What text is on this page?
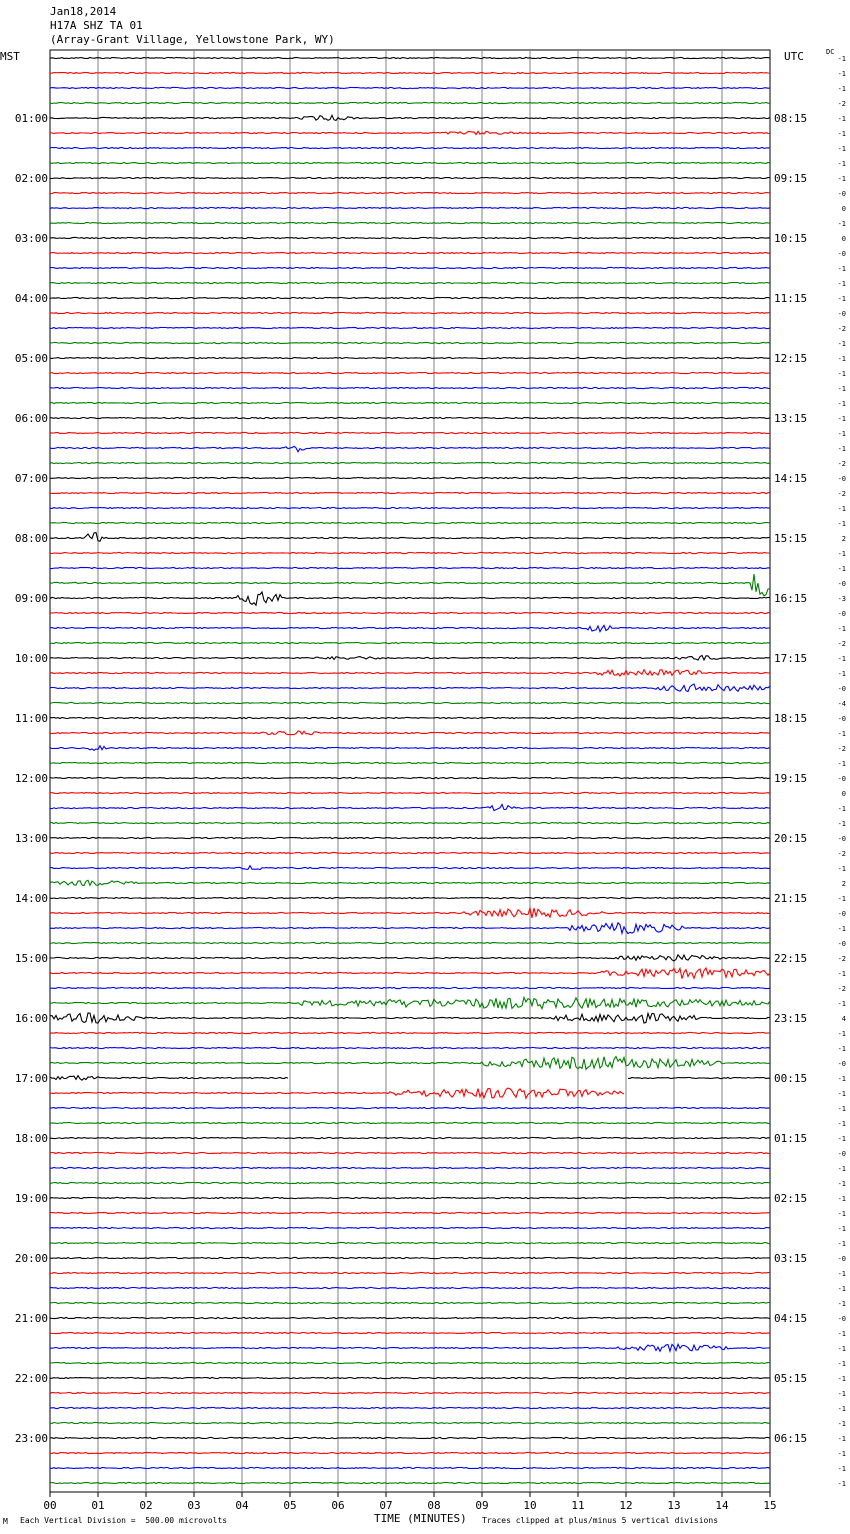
Jan18,2014
H17A SHZ TA 01
(Array-Grant Village, Yellowstone Park, WY)
MST	UTC	DC
00	01	02	03	04	05	06	07	08	09	10	11	12	13	14	15
-1
-1
-1
-2
-1
-1
-1
-1
-1
-0
0
-1
0
-0
-1
-1
-1
-0
-2
-1
-1
-1
-1
-1
-1
-1
-1
-2
-0
-2
-1
-1
2
-1
-1
-0
-3
-0
-1
-2
-1
-1
-0
-4
-0
-1
-2
-1
-0
0
-1
-1
-0
-2
-1
2
-1
-0
-1
-0
-2
-1
-2
-1
4
-1
-1
-0
-1
-1
-1
-1
-1
-0
-1
-1
-1
-1
-1
-1
-0
-1
-1
-1
-0
-1
-1
-1
-1
-1
-1
-1
-1
-1
-1
-1
01:00
02:00
03:00
04:00
05:00
06:00
07:00
08:00
09:00
10:00
11:00
12:00
13:00
14:00
15:00
16:00
17:00
18:00
19:00
20:00
21:00
22:00
23:00
08:15
09:15
10:15
11:15
12:15
13:15
14:15
15:15
16:15
17:15
18:15
19:15
20:15
21:15
22:15
23:15
00:15
01:15
02:15
03:15
04:15
05:15
06:15
M Each Vertical Division =  500.00 microvolts	TIME (MINUTES) Traces clipped at plus/minus 5 vertical divisions
